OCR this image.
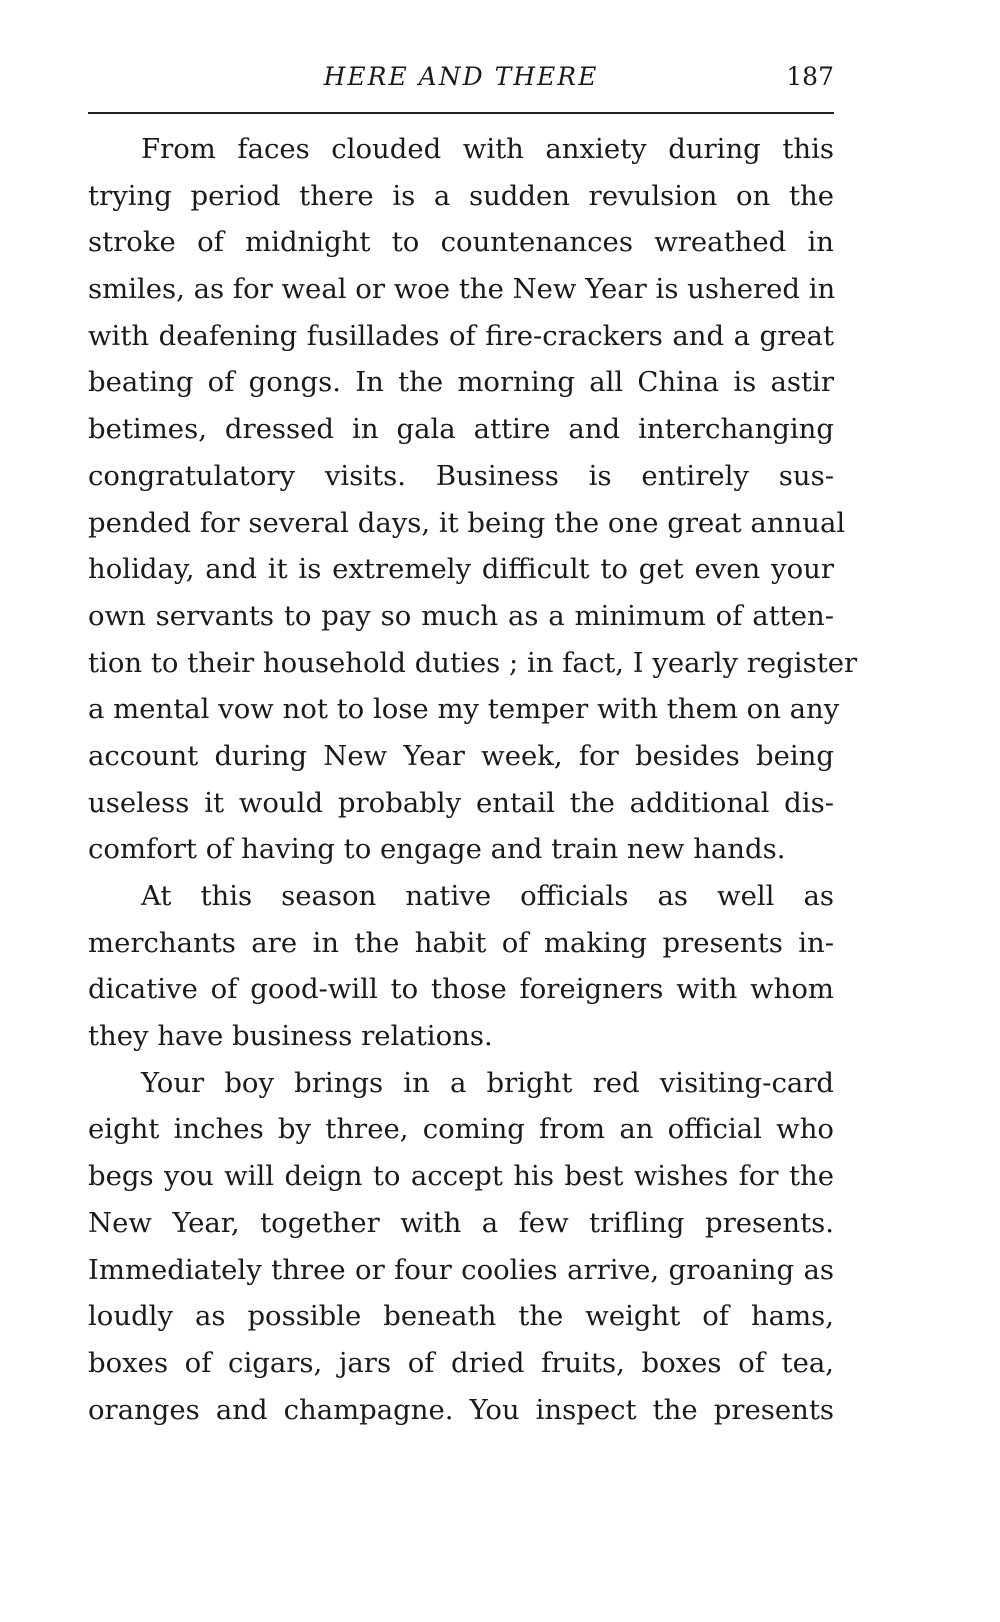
HERE AND THERE	187
From faces clouded with anxiety during this
trying period there is a sudden revulsion on the
stroke of midnight to countenances wreathed in
smiles, as for weal or woe the New Year is ushered in
with deafening fusillades of fire-crackers and a great
beating of gongs. In the morning all China is astir
betimes, dressed in gala attire and interchanging
congratulatory visits. Business is entirely sus-
pended for several days, it being the one great annual
holiday, and it is extremely difficult to get even your
own servants to pay so much as a minimum of atten-
tion to their household duties ; in fact, I yearly register
a mental vow not to lose my temper with them on any
account during New Year week, for besides being
useless it would probably entail the additional dis-
comfort of having to engage and train new hands.
At this season native officials as well as
merchants are in the habit of making presents in-
dicative of good-will to those foreigners with whom
they have business relations.
Your boy brings in a bright red visiting-card
eight inches by three, coming from an official who
begs you will deign to accept his best wishes for the
New Year, together with a few trifling presents.
Immediately three or four coolies arrive, groaning as
loudly as possible beneath the weight of hams,
boxes of cigars, jars of dried fruits, boxes of tea,
oranges and champagne. You inspect the presents
